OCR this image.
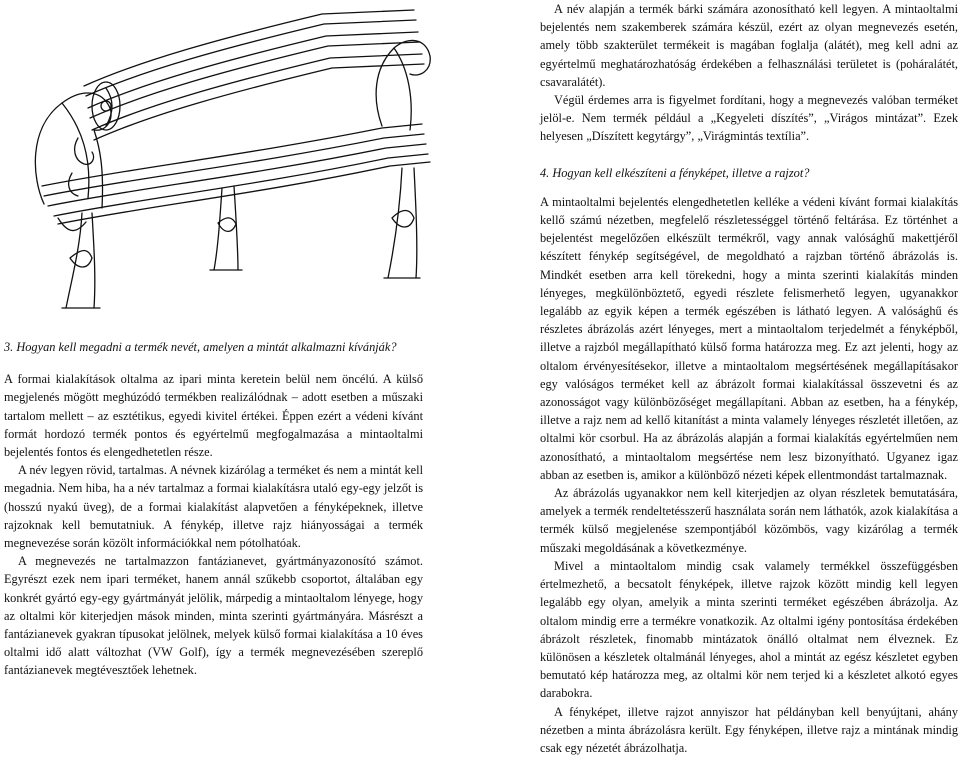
A név alapján a termék bárki számára azonosítható kell legyen. A mintaoltalmi bejelentés nem szakemberek számára készül, ezért az olyan megnevezés esetén, amely több szakterület termékeit is magában foglalja (alátét), meg kell adni az egyértelmű meghatározhatóság érdekében a felhasználási területet is (poháralátét, csavaralátét).

Végül érdemes arra is figyelmet fordítani, hogy a megnevezés valóban terméket jelöl-e. Nem termék például a „Kegyeleti díszítés”, „Virágos mintázat”. Ezek helyesen „Díszített kegytárgy”, „Virágmintás textília”.

4. Hogyan kell elkészíteni a fényképet, illetve a rajzot?

A mintaoltalmi bejelentés elengedhetetlen kelléke a védeni kívánt formai kialakítás kellő számú nézetben, megfelelő részletességgel történő feltárása. Ez történhet a bejelentést megelőzően elkészült termékről, vagy annak valósághű makettjéről készített fénykép segítségével, de megoldható a rajzban történő ábrázolás is. Mindkét esetben arra kell törekedni, hogy a minta szerinti kialakítás minden lényeges, megkülönböztető, egyedi részlete felismerhető legyen, ugyanakkor legalább az egyik képen a termék egészében is látható legyen. A valósághű és részletes ábrázolás azért lényeges, mert a mintaoltalom terjedelmét a fényképből, illetve a rajzból megállapítható külső forma határozza meg. Ez azt jelenti, hogy az oltalom érvényesítésekor, illetve a mintaoltalom megsértésének megállapításakor egy valóságos terméket kell az ábrázolt formai kialakítással összevetni és az azonosságot vagy különbözőséget megállapítani. Abban az esetben, ha a fénykép, illetve a rajz nem ad kellő kitanítást a minta valamely lényeges részletét illetően, az oltalmi kör csorbul. Ha az ábrázolás alapján a formai kialakítás egyértelműen nem azonosítható, a mintaoltalom megsértése nem lesz bizonyítható. Ugyanez igaz abban az esetben is, amikor a különböző nézeti képek ellentmondást tartalmaznak.

Az ábrázolás ugyanakkor nem kell kiterjedjen az olyan részletek bemutatására, amelyek a termék rendeltetésszerű használata során nem láthatók, azok kialakítása a termék külső megjelenése szempontjából közömbös, vagy kizárólag a termék műszaki megoldásának a következménye.

Mivel a mintaoltalom mindig csak valamely termékkel összefüggésben értelmezhető, a becsatolt fényképek, illetve rajzok között mindig kell legyen legalább egy olyan, amelyik a minta szerinti terméket egészében ábrázolja. Az oltalom mindig erre a termékre vonatkozik. Az oltalmi igény pontosítása érdekében ábrázolt részletek, finomabb mintázatok önálló oltalmat nem élveznek. Ez különösen a készletek oltalmánál lényeges, ahol a mintát az egész készletet egyben bemutató kép határozza meg, az oltalmi kör nem terjed ki a készletet alkotó egyes darabokra.

A fényképet, illetve rajzot annyiszor hat példányban kell benyújtani, ahány nézetben a minta ábrázolásra került. Egy fényképen, illetve rajz a mintának mindig csak egy nézetét ábrázolhatja.

3. Hogyan kell megadni a termék nevét, amelyen a mintát alkalmazni kívánják?

A formai kialakítások oltalma az ipari minta keretein belül nem öncélú. A külső megjelenés mögött meghúzódó termékben realizálódnak – adott esetben a műszaki tartalom mellett – az esztétikus, egyedi kivitel értékei. Éppen ezért a védeni kívánt formát hordozó termék pontos és egyértelmű megfogalmazása a mintaoltalmi bejelentés fontos és elengedhetetlen része.

A név legyen rövid, tartalmas. A névnek kizárólag a terméket és nem a mintát kell megadnia. Nem hiba, ha a név tartalmaz a formai kialakításra utaló egy-egy jelzőt is (hosszú nyakú üveg), de a formai kialakítást alapvetően a fényképeknek, illetve rajzoknak kell bemutatniuk. A fénykép, illetve rajz hiányosságai a termék megnevezése során közölt információkkal nem pótolhatóak.

A megnevezés ne tartalmazzon fantázianevet, gyártmányazonosító számot. Egyrészt ezek nem ipari terméket, hanem annál szűkebb csoportot, általában egy konkrét gyártó egy-egy gyártmányát jelölik, márpedig a mintaoltalom lényege, hogy az oltalmi kör kiterjedjen mások minden, minta szerinti gyártmányára. Másrészt a fantázianevek gyakran típusokat jelölnek, melyek külső formai kialakítása a 10 éves oltalmi idő alatt változhat (VW Golf), így a termék megnevezésében szereplő fantázianevek megtévesztőek lehetnek.
